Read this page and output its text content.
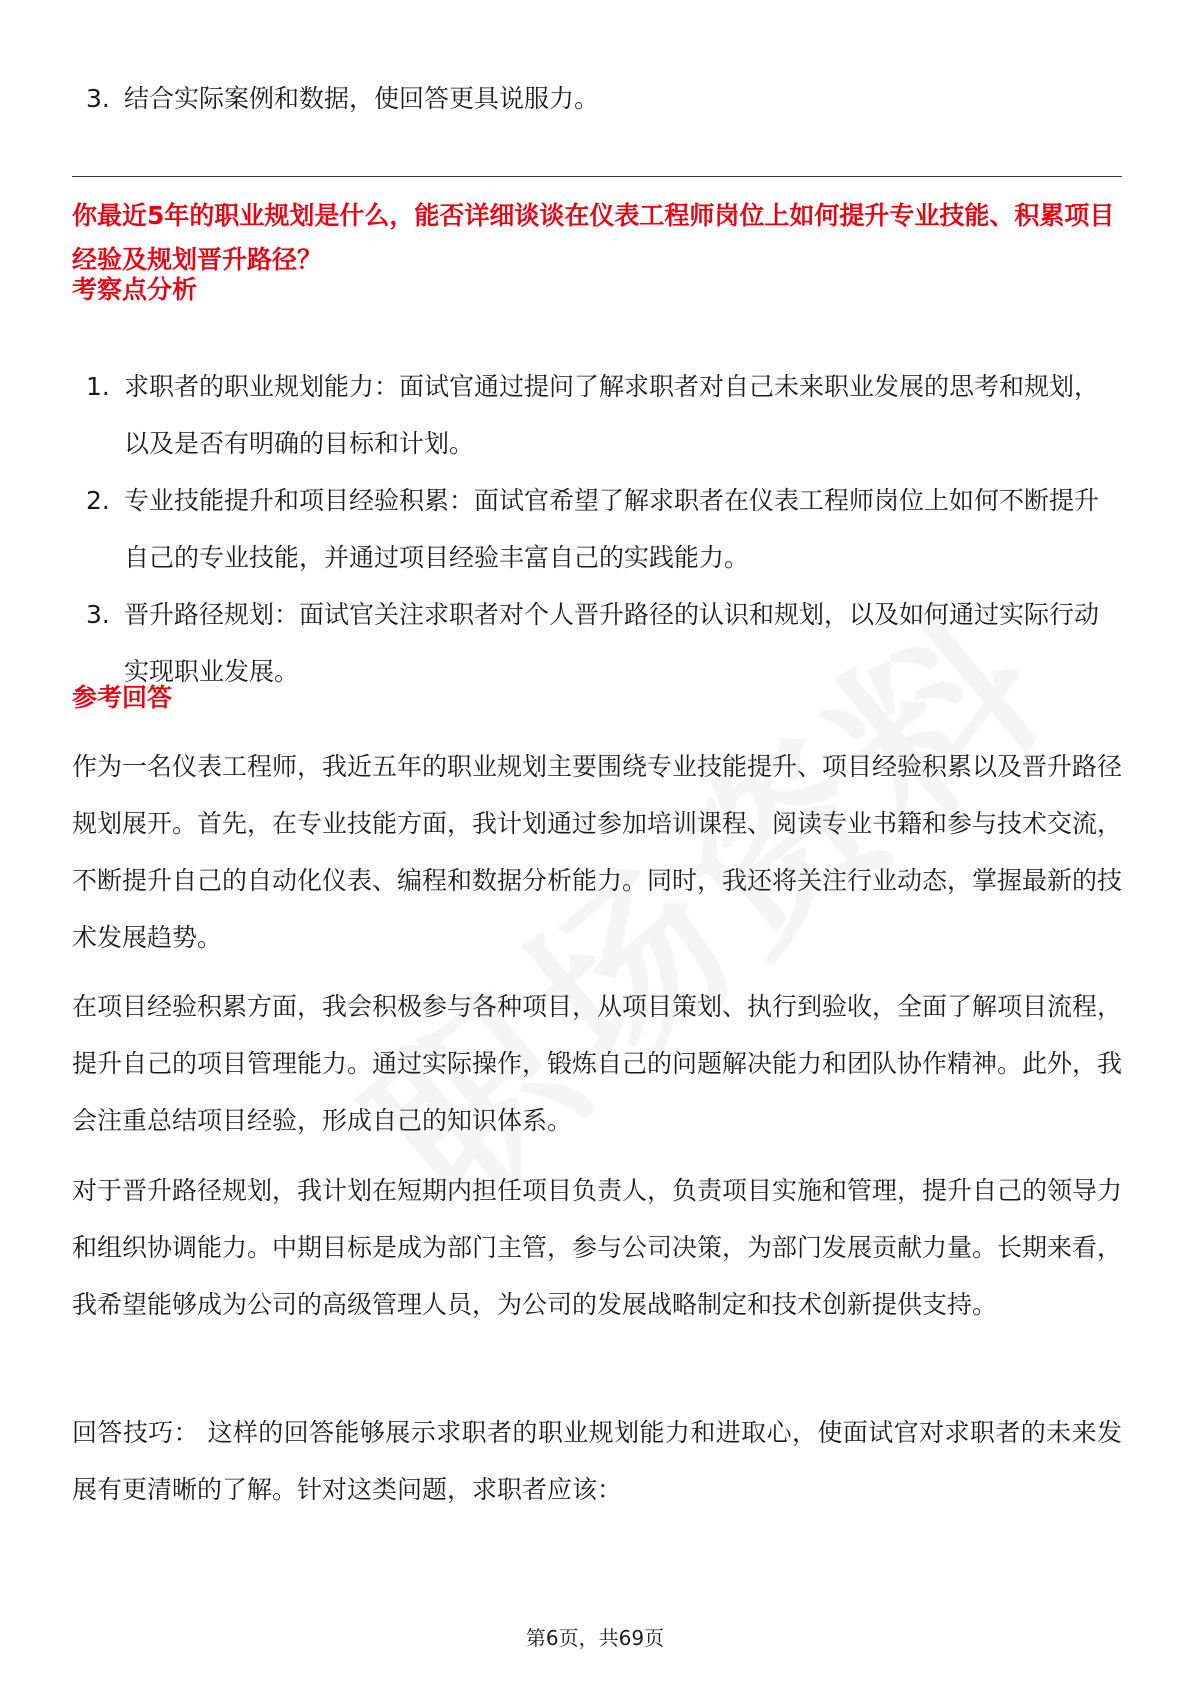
3. 结合实际案例和数据，使回答更具说服力。

你最近5年的职业规划是什么，能否详细谈谈在仪表工程师岗位上如何提升专业技能、积累项目经验及规划晋升路径？

考察点分析

1. 求职者的职业规划能力：面试官通过提问了解求职者对自己未来职业发展的思考和规划，以及是否有明确的目标和计划。
2. 专业技能提升和项目经验积累：面试官希望了解求职者在仪表工程师岗位上如何不断提升自己的专业技能，并通过项目经验丰富自己的实践能力。
3. 晋升路径规划：面试官关注求职者对个人晋升路径的认识和规划，以及如何通过实际行动实现职业发展。

参考回答

作为一名仪表工程师，我近五年的职业规划主要围绕专业技能提升、项目经验积累以及晋升路径规划展开。首先，在专业技能方面，我计划通过参加培训课程、阅读专业书籍和参与技术交流，不断提升自己的自动化仪表、编程和数据分析能力。同时，我还将关注行业动态，掌握最新的技术发展趋势。

在项目经验积累方面，我会积极参与各种项目，从项目策划、执行到验收，全面了解项目流程，提升自己的项目管理能力。通过实际操作，锻炼自己的问题解决能力和团队协作精神。此外，我会注重总结项目经验，形成自己的知识体系。

对于晋升路径规划，我计划在短期内担任项目负责人，负责项目实施和管理，提升自己的领导力和组织协调能力。中期目标是成为部门主管，参与公司决策，为部门发展贡献力量。长期来看，我希望能够成为公司的高级管理人员，为公司的发展战略制定和技术创新提供支持。

回答技巧： 这样的回答能够展示求职者的职业规划能力和进取心，使面试官对求职者的未来发展有更清晰的了解。针对这类问题，求职者应该：

第6页，共69页
